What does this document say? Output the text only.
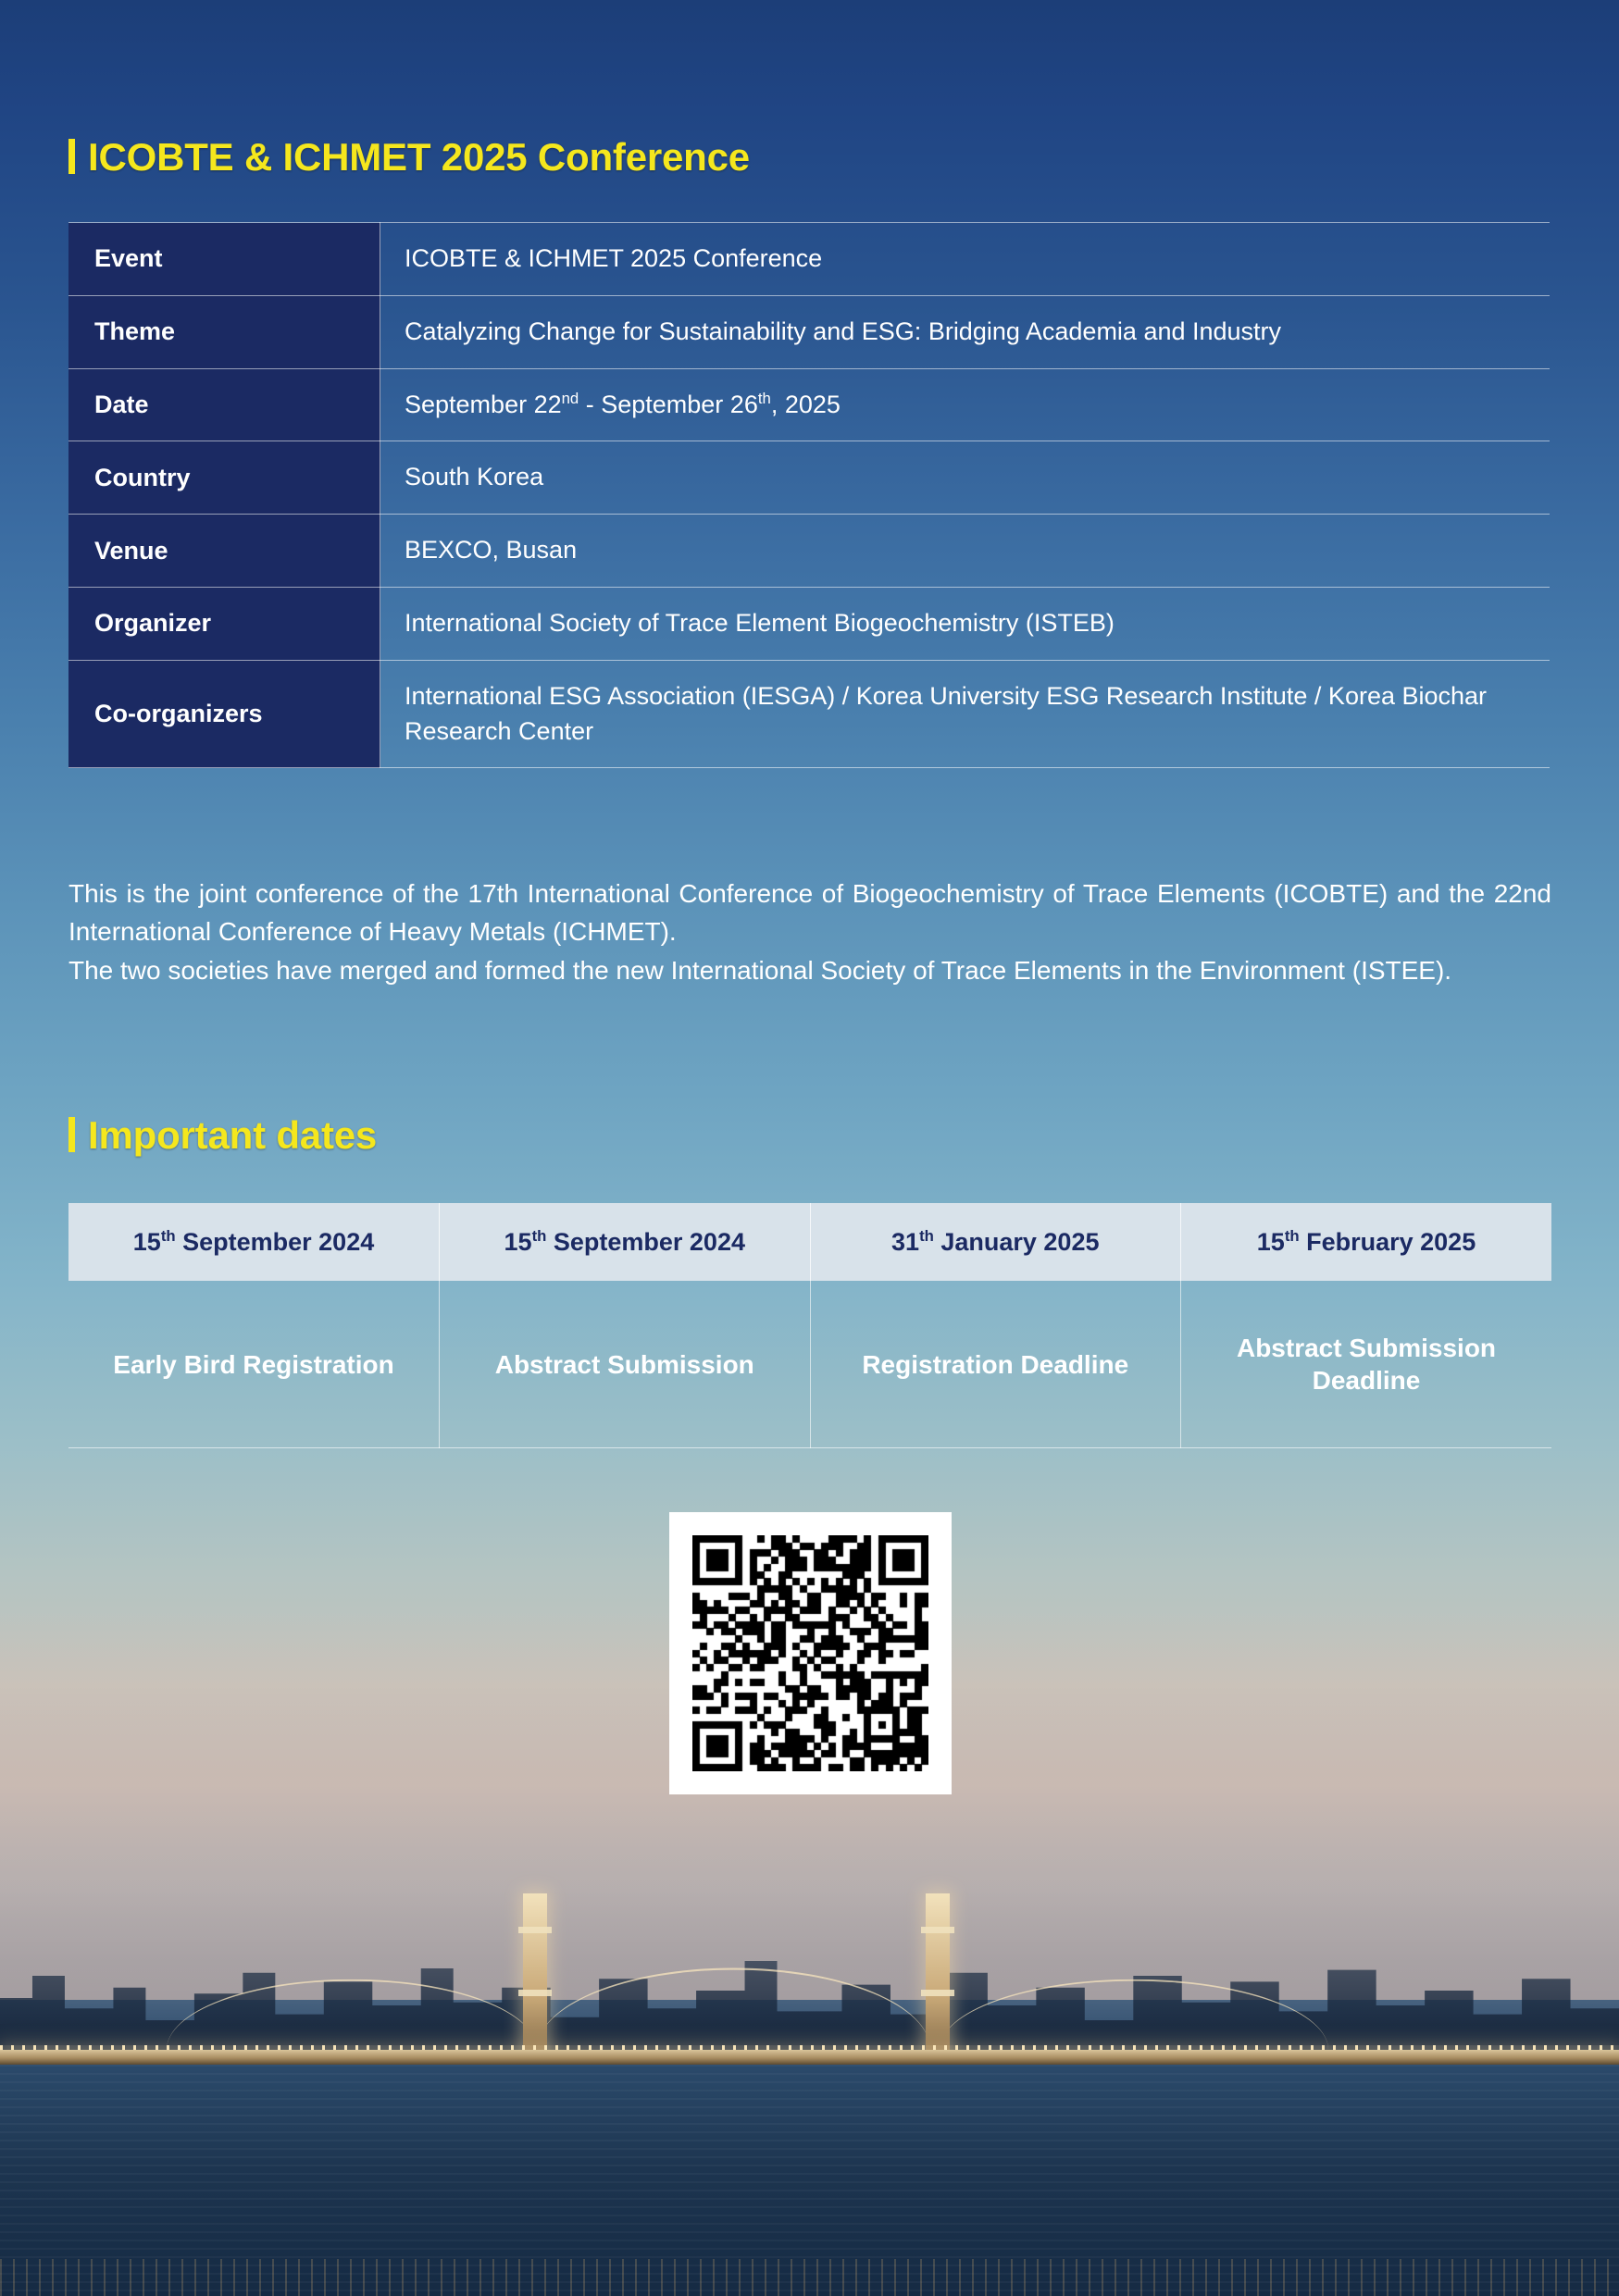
ICOBTE & ICHMET 2025 Conference
Event	ICOBTE & ICHMET 2025 Conference
Theme	Catalyzing Change for Sustainability and ESG: Bridging Academia and Industry
Date	September 22nd - September 26th, 2025
Country	South Korea
Venue	BEXCO, Busan
Organizer	International Society of Trace Element Biogeochemistry (ISTEB)
Co-organizers	International ESG Association (IESGA) / Korea University ESG Research Institute / Korea Biochar Research Center
This is the joint conference of the 17th International Conference of Biogeochemistry of Trace Elements (ICOBTE) and the 22nd International Conference of Heavy Metals (ICHMET).
The two societies have merged and formed the new International Society of Trace Elements in the Environment (ISTEE).
Important dates
15th September 2024	15th September 2024	31th January 2025	15th February 2025
Early Bird Registration	Abstract Submission	Registration Deadline	Abstract Submission Deadline
